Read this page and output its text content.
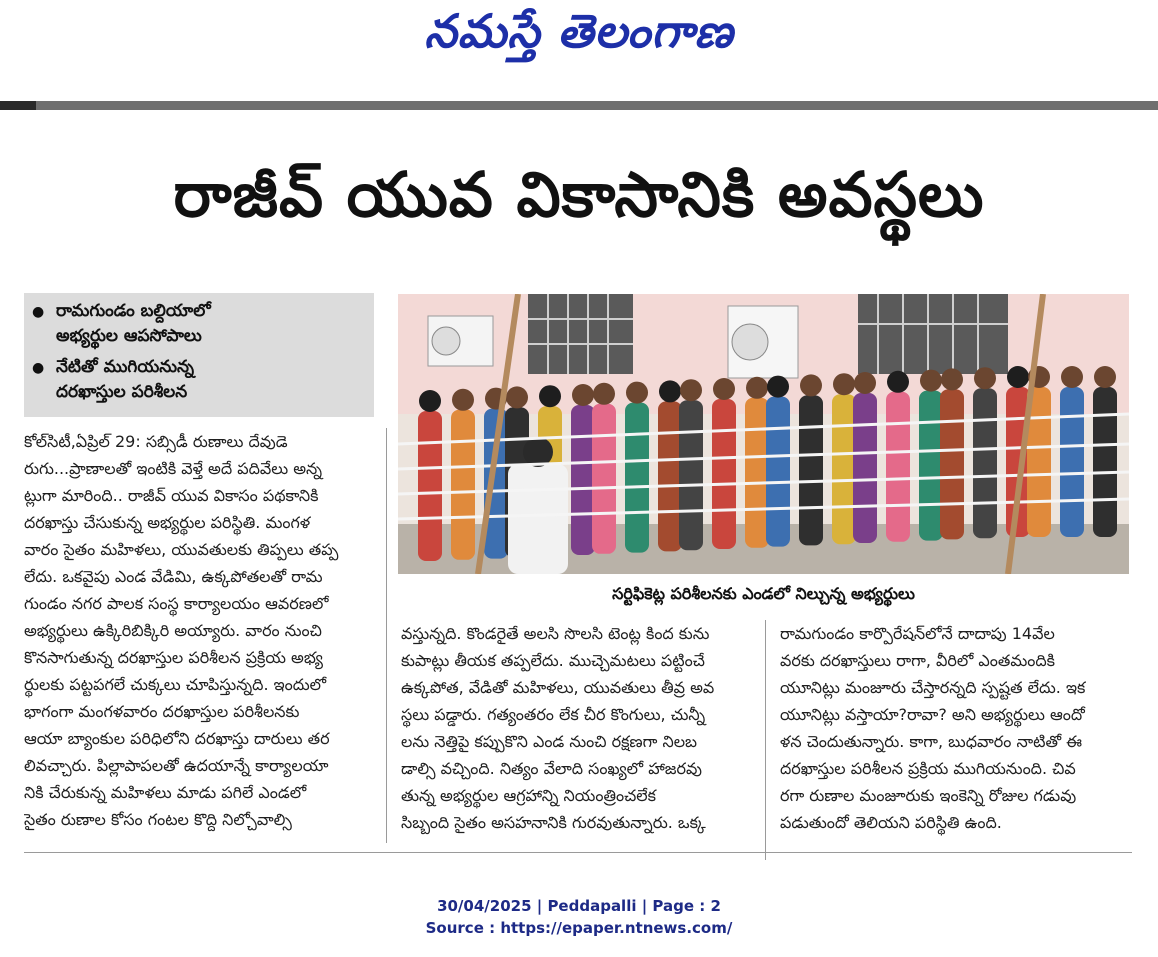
నమస్తే తెలంగాణ
రాజీవ్ యువ వికాసానికి అవస్థలు
● రామగుండం బల్దియాలో
అభ్యర్థుల ఆపసోపాలు
● నేటితో ముగియనున్న
దరఖాస్తుల పరిశీలన
సర్టిఫికెట్ల పరిశీలనకు ఎండలో నిల్చున్న అభ్యర్థులు
కోల్‌సిటీ,ఏప్రిల్ 29: సబ్సిడీ రుణాలు దేవుడె
రుగు...ప్రాణాలతో ఇంటికి వెళ్తే అదే పదివేలు అన్న
ట్లుగా మారింది.. రాజీవ్ యువ వికాసం పథకానికి
దరఖాస్తు చేసుకున్న అభ్యర్థుల పరిస్థితి. మంగళ
వారం సైతం మహిళలు, యువతులకు తిప్పలు తప్ప
లేదు. ఒకవైపు ఎండ వేడిమి, ఉక్కపోతలతో రామ
గుండం నగర పాలక సంస్థ కార్యాలయం ఆవరణలో
అభ్యర్థులు ఉక్కిరిబిక్కిరి అయ్యారు. వారం నుంచి
కొనసాగుతున్న దరఖాస్తుల పరిశీలన ప్రక్రియ అభ్య
ర్థులకు పట్టపగలే చుక్కలు చూపిస్తున్నది. ఇందులో
భాగంగా మంగళవారం దరఖాస్తుల పరిశీలనకు
ఆయా బ్యాంకుల పరిధిలోని దరఖాస్తు దారులు తర
లివచ్చారు. పిల్లాపాపలతో ఉదయాన్నే కార్యాలయా
నికి చేరుకున్న మహిళలు మాడు పగిలే ఎండలో
సైతం రుణాల కోసం గంటల కొద్ది నిల్చోవాల్సి
వస్తున్నది. కొండరైతే అలసి సొలసి టెంట్ల కింద కును
కుపాట్లు తీయక తప్పలేదు. ముచ్చెమటలు పట్టించే
ఉక్కపోత, వేడితో మహిళలు, యువతులు తీవ్ర అవ
స్థలు పడ్డారు. గత్యంతరం లేక చీర కొంగులు, చున్నీ
లను నెత్తిపై కప్పుకొని ఎండ నుంచి రక్షణగా నిలబ
డాల్సి వచ్చింది. నిత్యం వేలాది సంఖ్యలో హాజరవు
తున్న అభ్యర్థుల ఆగ్రహాన్ని నియంత్రించలేక
సిబ్బంది సైతం అసహనానికి గురవుతున్నారు. ఒక్క
రామగుండం కార్పొరేషన్‌లోనే దాదాపు 14వేల
వరకు దరఖాస్తులు రాగా, వీరిలో ఎంతమందికి
యూనిట్లు మంజూరు చేస్తారన్నది స్పష్టత లేదు. ఇక
యూనిట్లు వస్తాయా?రావా? అని అభ్యర్థులు ఆందో
ళన చెందుతున్నారు. కాగా, బుధవారం నాటితో ఈ
దరఖాస్తుల పరిశీలన ప్రక్రియ ముగియనుంది. చివ
రగా రుణాల మంజూరుకు ఇంకెన్ని రోజుల గడువు
పడుతుందో తెలియని పరిస్థితి ఉంది.
30/04/2025 | Peddapalli | Page : 2
Source : https://epaper.ntnews.com/
